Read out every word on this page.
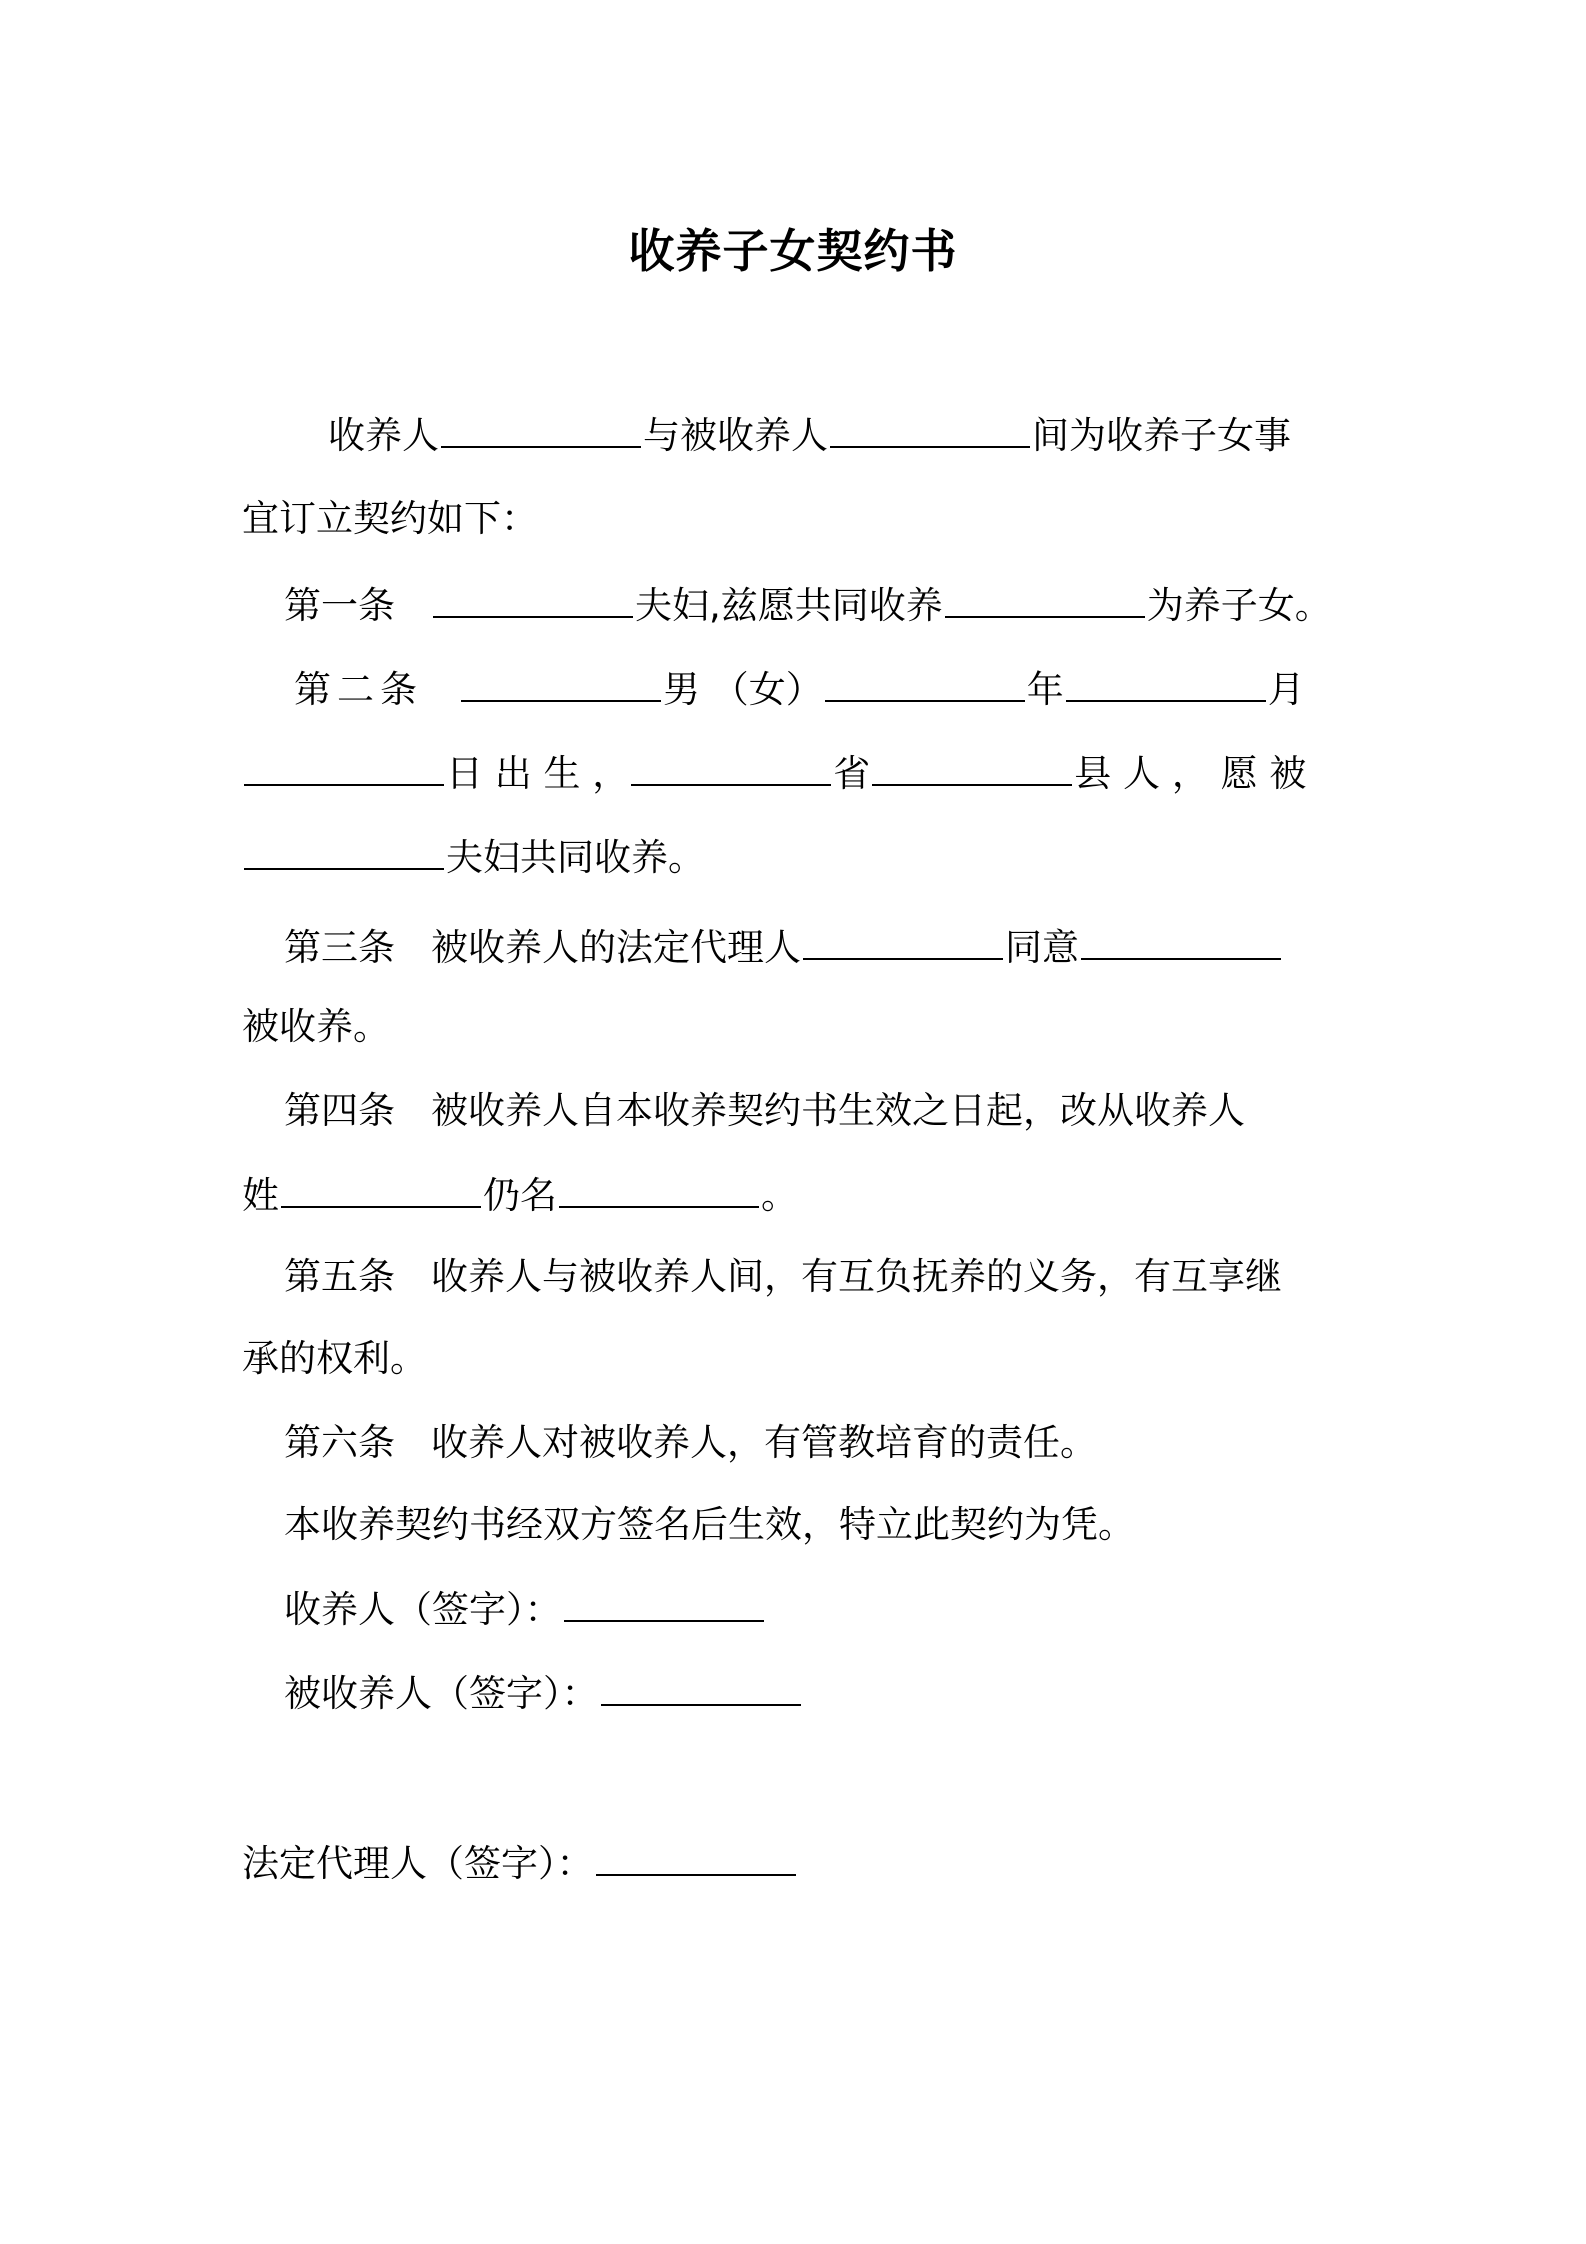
收养子女契约书
收养人	与被收养人	间为收养子女事
宜订立契约如下：
第一条	夫妇,兹愿共同收养	为养子女。
第二条	男 （女）	年	月
日 出 生 ，	省	县 人 ， 愿 被
夫妇共同收养。
第三条 被收养人的法定代理人	同意
被收养。
第四条 被收养人自本收养契约书生效之日起，改从收养人
姓	仍名	。
第五条 收养人与被收养人间，有互负抚养的义务，有互享继
承的权利。
第六条 收养人对被收养人，有管教培育的责任。
本收养契约书经双方签名后生效，特立此契约为凭。
收养人（签字）：
被收养人（签字）：
法定代理人（签字）：
